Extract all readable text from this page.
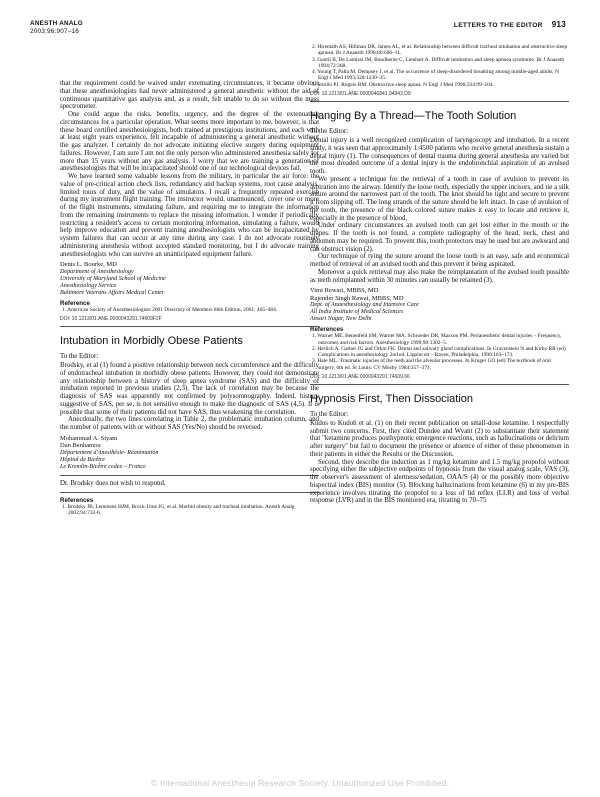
ANESTH ANALG
2003;96:907–16
LETTERS TO THE EDITOR 913

that the requirement could be waived under extenuating circumstances, it became obvious that these anesthesiologists had never administered a general anesthetic without the aid of continuous quantitative gas analysis and, as a result, felt unable to do so without the mass spectrometer.

One could argue the risks, benefits, urgency, and the degree of the extenuating circumstances for a particular operation. What seems more important to me, however, is that these board certified anesthesiologists, both trained at prestigious institutions, and each with at least eight years experience, felt incapable of administering a general anesthetic without the gas analyzer. I certainly do not advocate initiating elective surgery during equipment failures. However, I am sure I am not the only person who administered anesthesia safely for more than 15 years without any gas analysis. I worry that we are training a generation of anesthesiologists that will be incapacitated should one of our technological devices fail.

We have learned some valuable lessons from the military, in particular the air force: the value of pre-critical action check lists, redundancy and backup systems, root cause analysis, limited tours of duty, and the value of simulators. I recall a frequently repeated exercise during my instrument flight training. The instructor would, unannounced, cover one or more of the flight instruments, simulating failure, and requiring me to integrate the information from the remaining instruments to replace the missing information. I wonder if periodically restricting a resident's access to certain monitoring information, simulating a failure, would help improve education and prevent training anesthesiologists who can be incapacitated by system failures that can occur at any time during any case. I do not advocate routinely administering anesthesia without accepted standard monitoring, but I do advocate training anesthesiologists who can survive an unanticipated equipment failure.

Denis L. Bourke, MD
Department of Anesthesiology
University of Maryland School of Medicine
Anesthesiology Service
Baltimore Veterans Affairs Medical Center
Reference

1. American Society of Anesthesiologists 2001 Directory of Members 66th Edition, 2001; 465–484.

DOI: 10.1213/01.ANE.0000043291.74609F2F
Intubation in Morbidly Obese Patients
To the Editor:

Brodsky, et al (1) found a positive relationship between neck circumference and the difficulty of endotracheal intubation in morbidly obese patients. However, they could not demonstrate any relationship between a history of sleep apnea syndrome (SAS) and the difficulty of intubation reported in previous studies (2,3). The lack of correlation may be because the diagnosis of SAS was apparently not confirmed by polysomnography. Indeed, history suggestive of SAS, per se, is not sensitive enough to make the diagnostic of SAS (4,5). It is possible that some of their patients did not have SAS, thus weakening the correlation.

Anecdotally, the two lines correlating in Table 2, the problematic intubation column, and the number of patients with or without SAS (Yes/No) should be reversed.

Mohammad A. Siyam
Dan Benhamou
Département d'Anesthésie- Réanimation
Hôpital de Bicêtre
Le Kremlin-Bicêtre cedex – France

Dr. Brodsky does not wish to respond.

References

1. Brodsky JB, Lemmens HJM, Brock-Utne JG, et al. Morbid obesity and tracheal intubation. Anesth Analg 2002;94:732-6.

2. Hiremath AS, Hillman DR, James AL, et al. Relationship between difficult tracheal intubation and obstructive sleep apnoea. Br J Anaesth 1998;80:606–11.

3. Gentil B, De Lamiral JM, Boudherne C, Lienhart A. Difficult intubation and sleep apnoea syndrome. Br J Anaesth 1994;72:368.

4. Young T, Palta M, Dempsey J, et al. The occurrence of sleep-disordered breathing among middle-aged adults. N Engl J Med 1993;328:1230–35.

5. Strollo PJ, Rogers RM. Obstructive sleep apnea. N Engl J Med 1996;334:99–104.

DOI: 10.1213/01.ANE.0000046841.94943.D9
Hanging By a Thread—The Tooth Solution
To the Editor:

Dental injury is a well recognized complication of laryngoscopy and intubation. In a recent study, it was seen that approximately 1:4500 patients who receive general anesthesia sustain a dental injury (1). The consequences of dental trauma during general anesthesia are varied but the most dreaded outcome of a dental injury is the endobronchial aspiration of an avulsed tooth.

We present a technique for the retrieval of a tooth in case of avulsion to prevent its aspiration into the airway. Identify the loose tooth, especially the upper incisors, and tie a silk suture around the narrowest part of the tooth. The knot should be tight and secure to prevent it from slipping off. The long strands of the suture should be left intact. In case of avulsion of the tooth, the presence of the black colored suture makes it easy to locate and retrieve it, especially in the presence of blood.

Under ordinary circumstances an avulsed tooth can get lost either in the mouth or the drapes. If the tooth is not found, a complete radiography of the head, neck, chest and abdomen may be required. To prevent this, tooth protectors may be used but are awkward and can obstruct vision (2).

Our technique of tying the suture around the loose tooth is an easy, safe and economical method of retrieval of an avulsed tooth and thus prevent it being aspirated.

Moreover a quick retrieval may also make the reimplantation of the avulsed tooth possible as teeth reimplanted within 30 minutes can usually be retained (3).

Vimi Rewari, MBBS, MD
Rajender Singh Rawat, MBBS, MD
Dept. of Anaesthesiology and Intensive Care
All India Institute of Medical Sciences
Ansari Nagar, New Delhi
References

1. Warner ME, Benenfeld SM, Warner MA, Schroeder DR, Maxson PM. Perianesthetic dental injuries – Frequency, outcomes and risk factors. Anesthesiology 1999;90:1302–5.

2. Herlich A. Garber JG and Orkin FK. Dental and salivary gland complications. In Gravenstein N and Kirby RR (ed) Complications in anesthesiology 2nd ed. Lippincott – Raven, Philadelphia, 1996:163–173.

3. Hale ML. Traumatic injuries of the teeth and the alveolar processes. In Kruger GO (ed) The textbook of oral surgery, 6th ed. St Louis: CV Mosby 1984;357–371.

DOI: 10.1213/01.ANE.0000043291.74609.66
Hypnosis First, Then Dissociation
To the Editor:

Kudos to Kudoh et al. (1) on their recent publication on small-dose ketamine. I respectfully submit two concerns. First, they cited Dundee and Wyant (2) to substantiate their statement that "ketamine produces posthypnotic emergence reactions, such as hallucinations or delirium after surgery" but fail to document the presence or absence of either of these phenomenon in their patients in either the Results or the Discussion.

Second, they describe the induction as 1 mg/kg ketamine and 1.5 mg/kg propofol without specifying either the subjective endpoints of hypnosis from the visual analog scale, VAS (3), the observer's assessment of alertness/sedation, OAA/S (4) or the possibly more objective bispectral index (BIS) monitor (5). Blocking hallucinations from ketamine (6) in my pre-BIS experience involves titrating the propofol to a loss of lid reflex (LLR) and loss of verbal response (LVR) and in the BIS monitored era, titrating to 70–75

© International Anesthesia Research Society. Unauthorized Use Prohibited.
